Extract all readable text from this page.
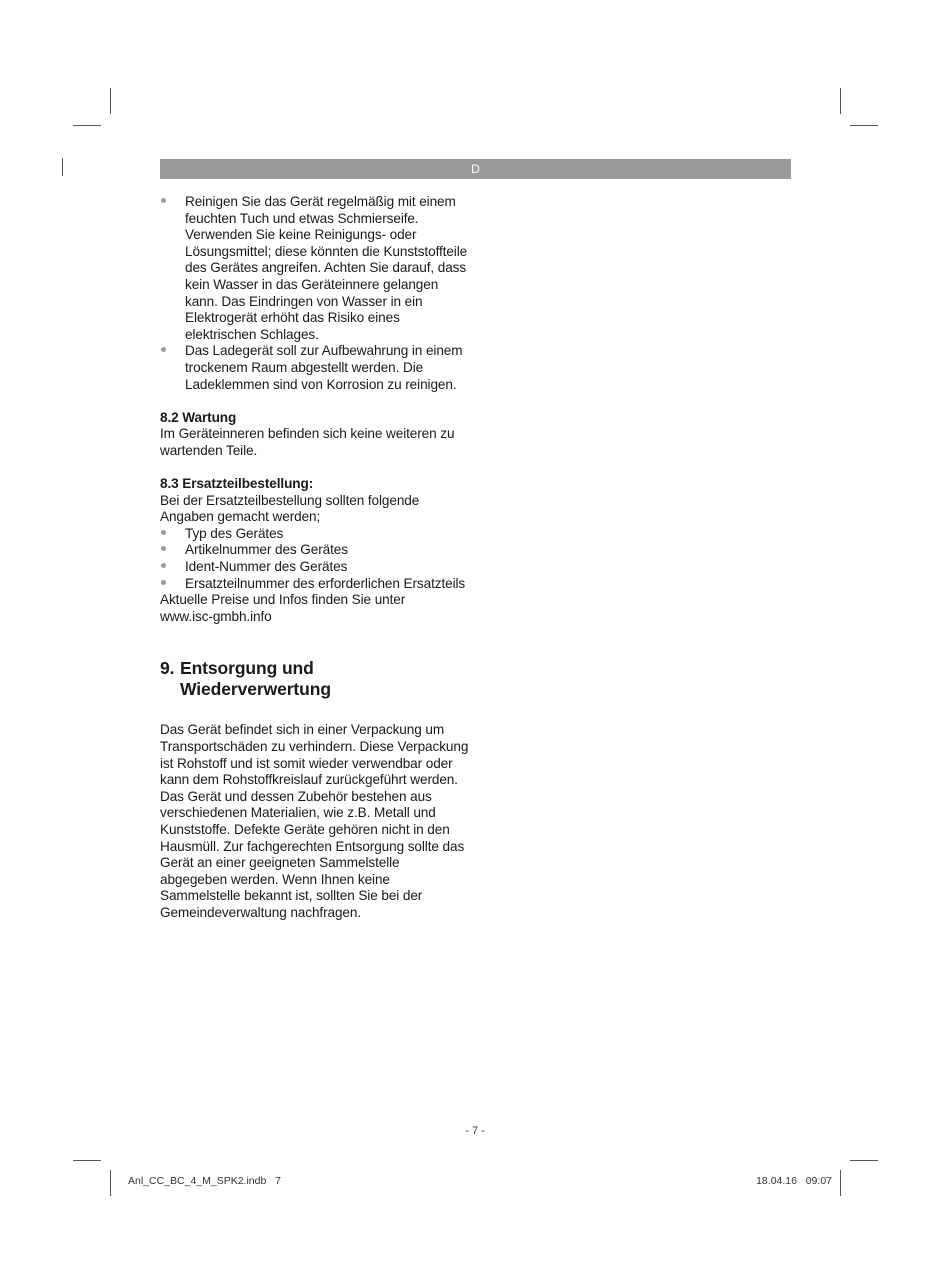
D
Reinigen Sie das Gerät regelmäßig mit einem feuchten Tuch und etwas Schmierseife. Verwenden Sie keine Reinigungs- oder Lösungsmittel; diese könnten die Kunststoffteile des Gerätes angreifen. Achten Sie darauf, dass kein Wasser in das Geräteinnere gelangen kann. Das Eindringen von Wasser in ein Elektrogerät erhöht das Risiko eines elektrischen Schlages.
Das Ladegerät soll zur Aufbewahrung in einem trockenem Raum abgestellt werden. Die Ladeklemmen sind von Korrosion zu reinigen.

8.2 Wartung

Im Geräteinneren befinden sich keine weiteren zu wartenden Teile.

8.3 Ersatzteilbestellung:

Bei der Ersatzteilbestellung sollten folgende Angaben gemacht werden;

Typ des Gerätes
Artikelnummer des Gerätes
Ident-Nummer des Gerätes
Ersatzteilnummer des erforderlichen Ersatzteils

Aktuelle Preise und Infos finden Sie unter

www.isc-gmbh.info

9. Entsorgung und
Wiederverwertung

Das Gerät befindet sich in einer Verpackung um Transportschäden zu verhindern. Diese Verpackung ist Rohstoff und ist somit wieder verwendbar oder kann dem Rohstoffkreislauf zurückgeführt werden. Das Gerät und dessen Zubehör bestehen aus verschiedenen Materialien, wie z.B. Metall und Kunststoffe. Defekte Geräte gehören nicht in den Hausmüll. Zur fachgerechten Entsorgung sollte das Gerät an einer geeigneten Sammelstelle abgegeben werden. Wenn Ihnen keine Sammelstelle bekannt ist, sollten Sie bei der Gemeindeverwaltung nachfragen.

- 7 -
Anl_CC_BC_4_M_SPK2.indb   7	18.04.16   09:07
